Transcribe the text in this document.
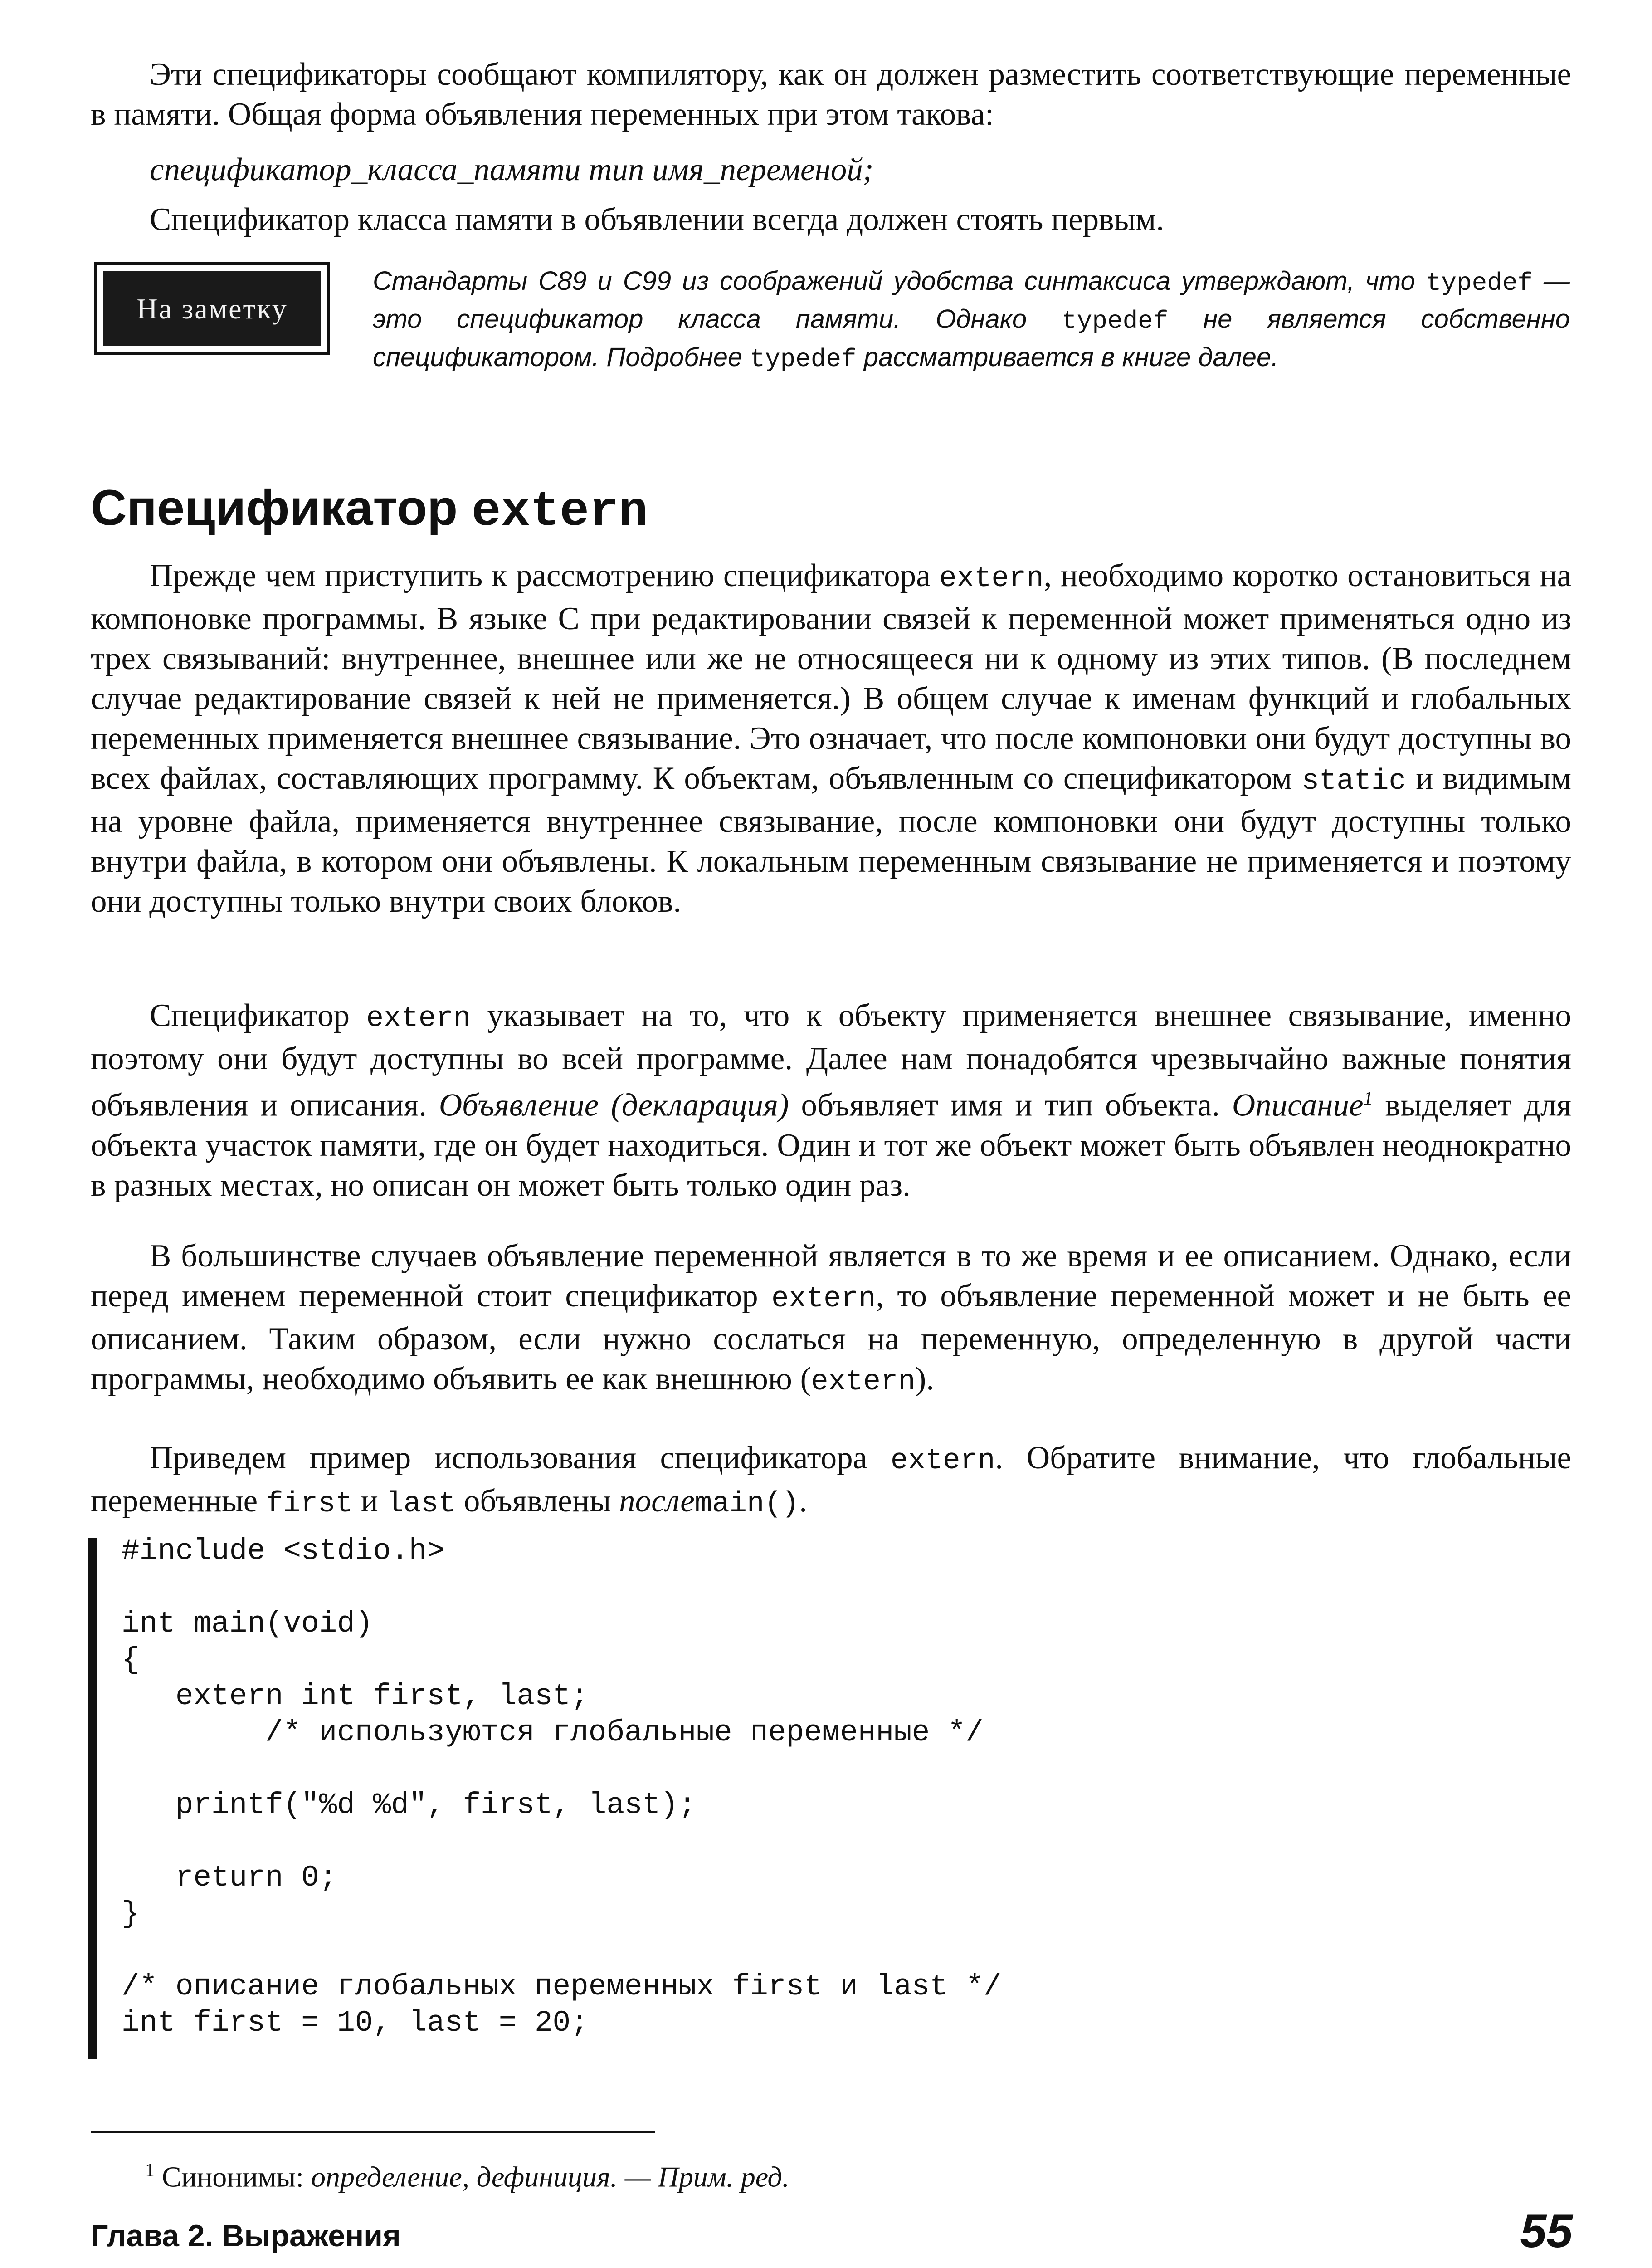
Эти спецификаторы сообщают компилятору, как он должен разместить соответствующие переменные в памяти. Общая форма объявления переменных при этом такова:

спецификатор_класса_памяти тип имя_переменой;

Спецификатор класса памяти в объявлении всегда должен стоять первым.

На заметку

Стандарты C89 и C99 из соображений удобства синтаксиса утверждают, что typedef — это спецификатор класса памяти. Однако typedef не является собственно спецификатором. Подробнее typedef рассматривается в книге далее.

Спецификатор extern

Прежде чем приступить к рассмотрению спецификатора extern, необходимо коротко остановиться на компоновке программы. В языке C при редактировании связей к переменной может применяться одно из трех связываний: внутреннее, внешнее или же не относящееся ни к одному из этих типов. (В последнем случае редактирование связей к ней не применяется.) В общем случае к именам функций и глобальных переменных применяется внешнее связывание. Это означает, что после компоновки они будут доступны во всех файлах, составляющих программу. К объектам, объявленным со спецификатором static и видимым на уровне файла, применяется внутреннее связывание, после компоновки они будут доступны только внутри файла, в котором они объявлены. К локальным переменным связывание не применяется и поэтому они доступны только внутри своих блоков.

Спецификатор extern указывает на то, что к объекту применяется внешнее связывание, именно поэтому они будут доступны во всей программе. Далее нам понадобятся чрезвычайно важные понятия объявления и описания. Объявление (декларация) объявляет имя и тип объекта. Описание$^1$ выделяет для объекта участок памяти, где он будет находиться. Один и тот же объект может быть объявлен неоднократно в разных местах, но описан он может быть только один раз.

В большинстве случаев объявление переменной является в то же время и ее описанием. Однако, если перед именем переменной стоит спецификатор extern, то объявление переменной может и не быть ее описанием. Таким образом, если нужно сослаться на переменную, определенную в другой части программы, необходимо объявить ее как внешнюю (extern).

Приведем пример использования спецификатора extern. Обратите внимание, что глобальные переменные first и last объявлены послеmain().

#include <stdio.h>

int main(void)
{
extern int first, last;
/* используются глобальные переменные */

printf("%d %d", first, last);

return 0;
}

/* описание глобальных переменных first и last */
int first = 10, last = 20;

$^1$ Синонимы: определение, дефиниция. — Прим. ред.

Глава 2. Выражения	55
